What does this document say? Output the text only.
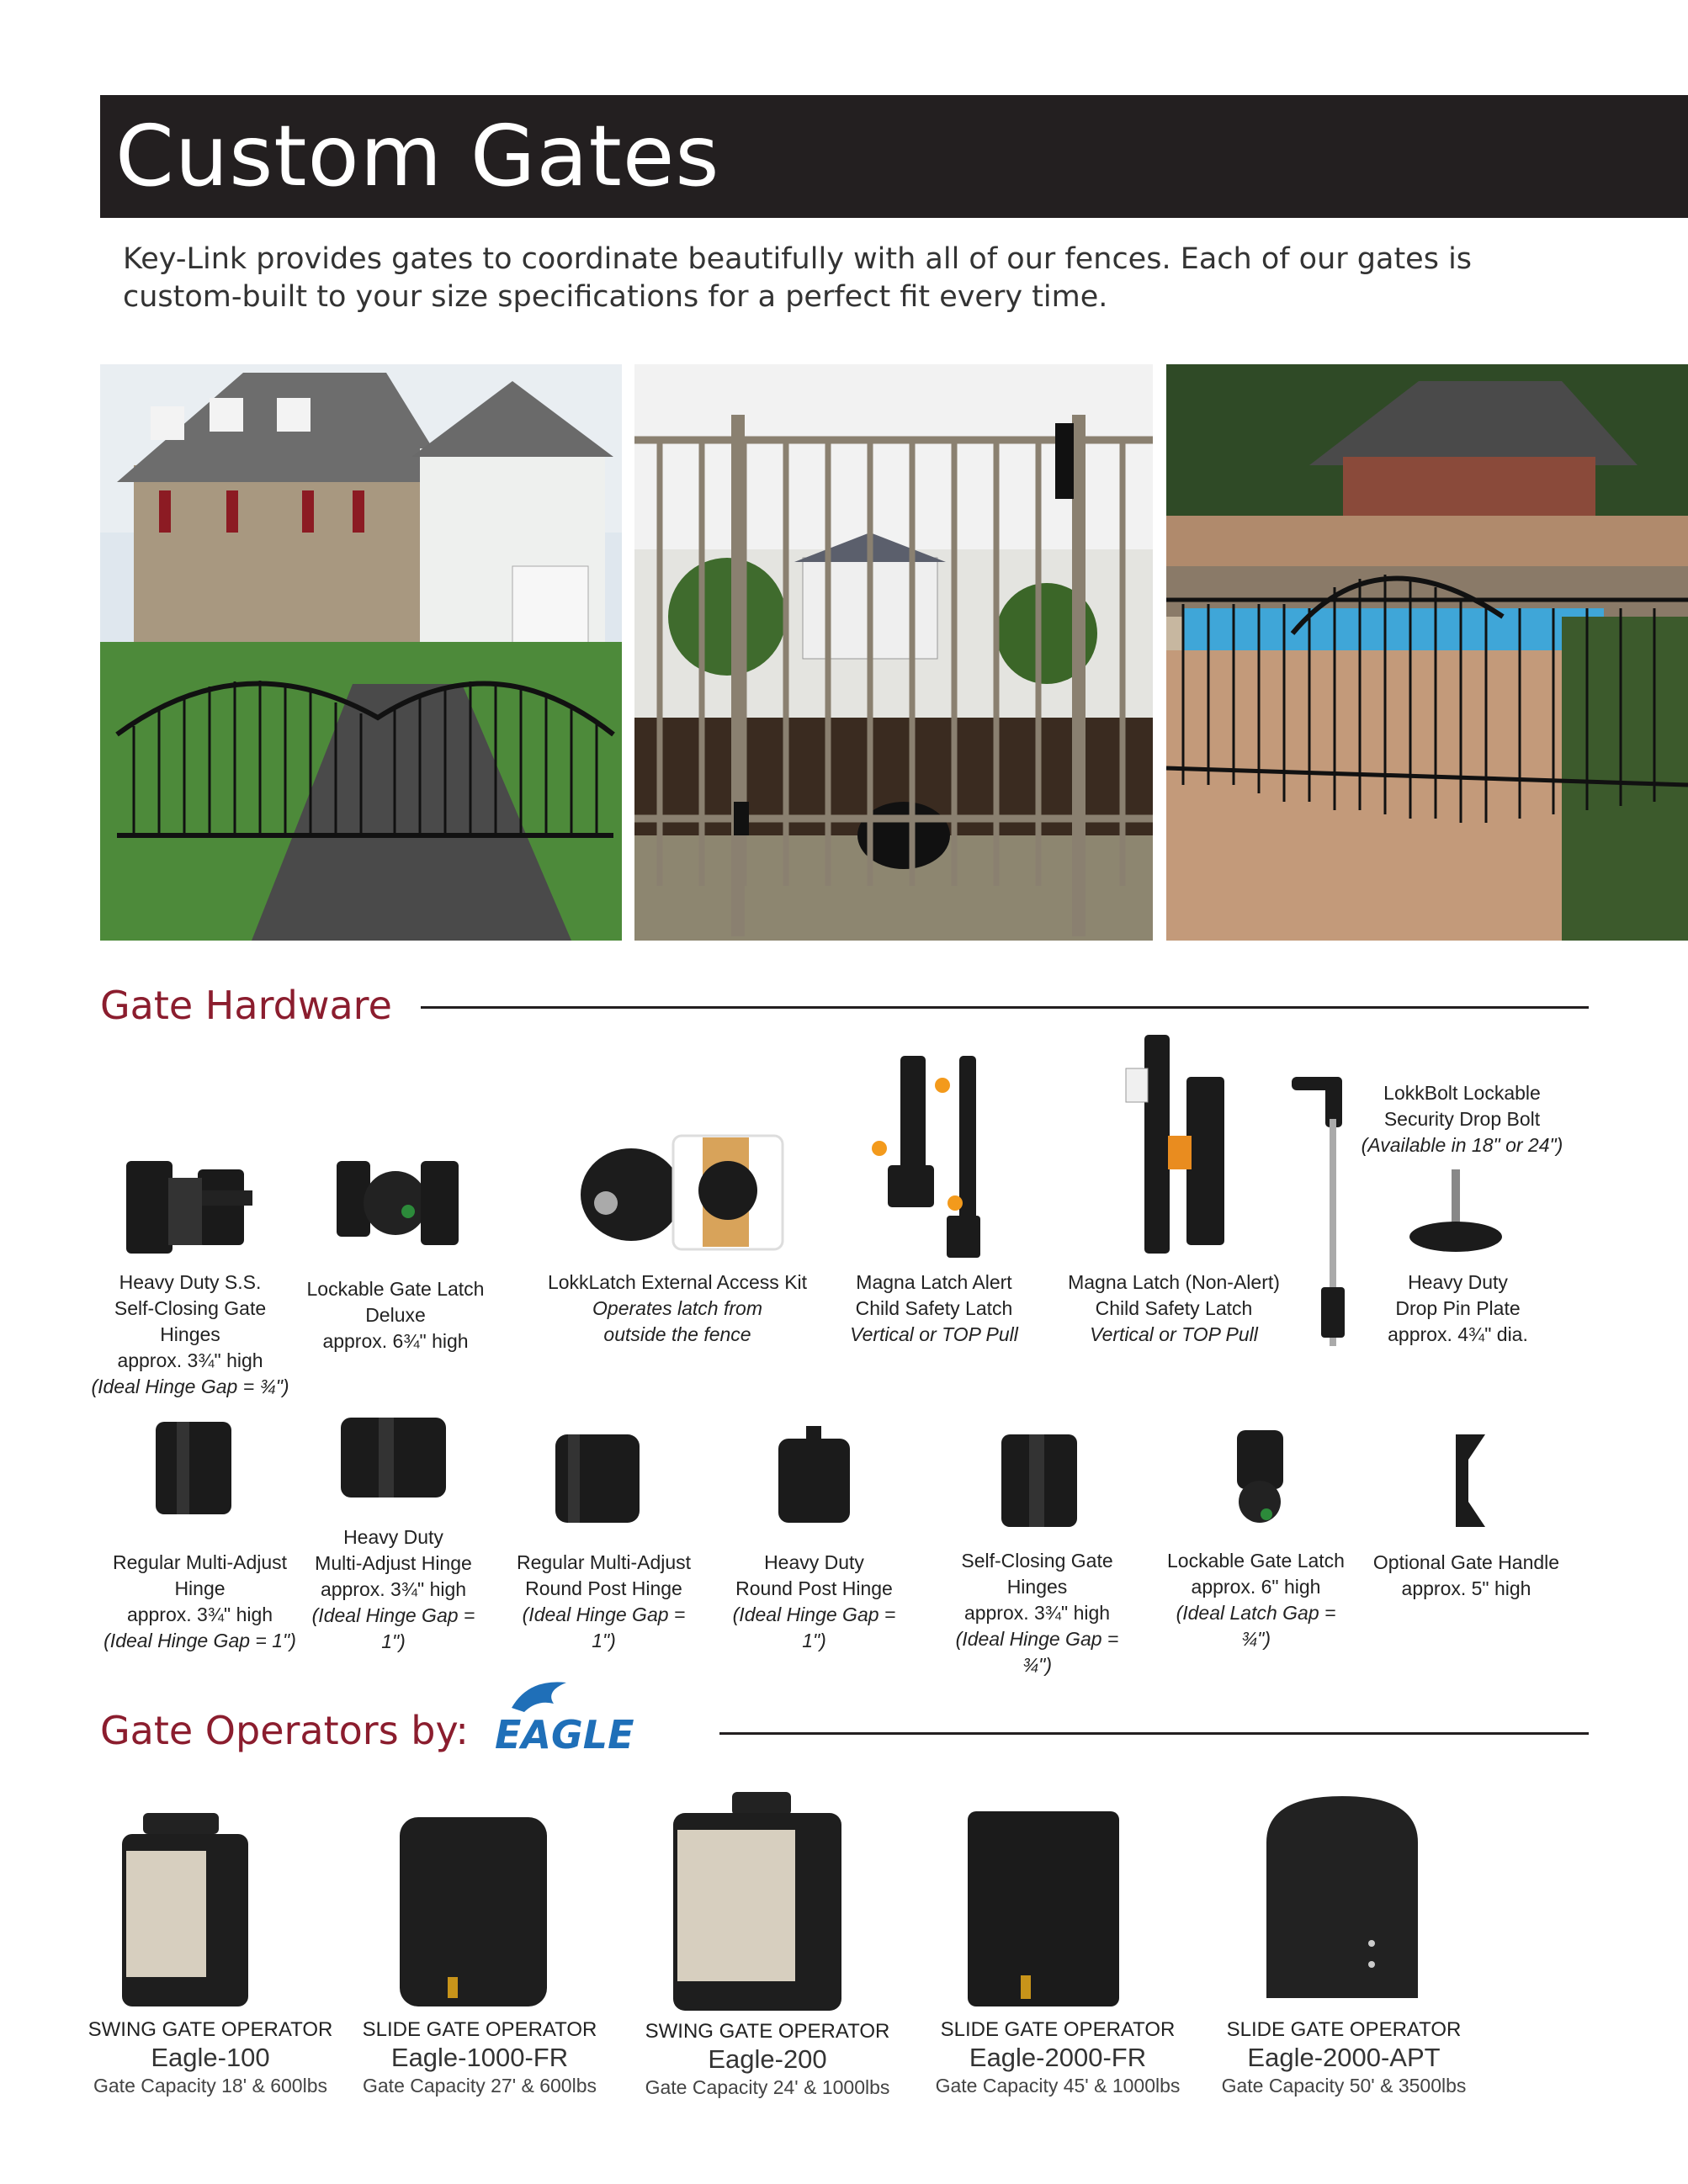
Custom Gates
Key-Link provides gates to coordinate beautifully with all of our fences. Each of our gates is custom-built to your size specifications for a perfect fit every time.
Gate Hardware
Heavy Duty S.S.
Self-Closing Gate
Hinges
approx. 3¾" high
(Ideal Hinge Gap = ¾")
Lockable Gate Latch Deluxe
approx. 6¾" high
LokkLatch External Access Kit
Operates latch from
outside the fence
Magna Latch Alert
Child Safety Latch
Vertical or TOP Pull
Magna Latch (Non-Alert)
Child Safety Latch
Vertical or TOP Pull
LokkBolt Lockable
Security Drop Bolt
(Available in 18" or 24")
Heavy Duty
Drop Pin Plate
approx. 4¾" dia.
Regular Multi-Adjust
Hinge
approx. 3¾" high
(Ideal Hinge Gap = 1")
Heavy Duty
Multi-Adjust Hinge
approx. 3¾" high
(Ideal Hinge Gap = 1")
Regular Multi-Adjust
Round Post Hinge
(Ideal Hinge Gap = 1")
Heavy Duty
Round Post Hinge
(Ideal Hinge Gap = 1")
Self-Closing Gate
Hinges
approx. 3¾" high
(Ideal Hinge Gap = ¾")
Lockable Gate Latch
approx. 6" high
(Ideal Latch Gap = ¾")
Optional Gate Handle
approx. 5" high
Gate Operators by: EAGLE
SWING GATE OPERATOR
Eagle-100
Gate Capacity 18' & 600lbs
SLIDE GATE OPERATOR
Eagle-1000-FR
Gate Capacity 27' & 600lbs
SWING GATE OPERATOR
Eagle-200
Gate Capacity 24' & 1000lbs
SLIDE GATE OPERATOR
Eagle-2000-FR
Gate Capacity 45' & 1000lbs
SLIDE GATE OPERATOR
Eagle-2000-APT
Gate Capacity 50' & 3500lbs
